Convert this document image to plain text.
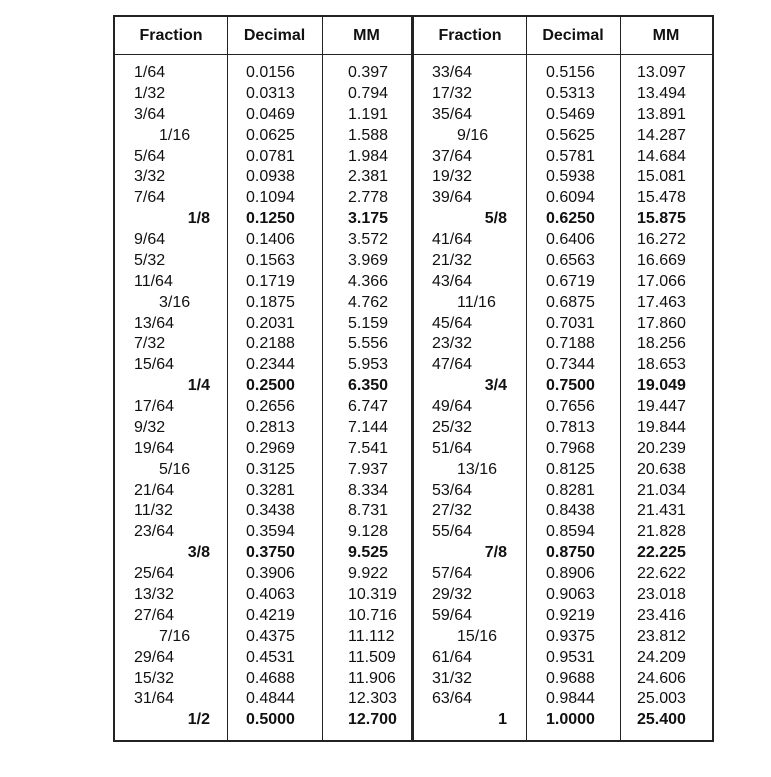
Fraction	Decimal	MM	Fraction	Decimal	MM
1/64	0.0156	0.397	33/64	0.5156	13.097
1/32	0.0313	0.794	17/32	0.5313	13.494
3/64	0.0469	1.191	35/64	0.5469	13.891
1/16	0.0625	1.588	9/16	0.5625	14.287
5/64	0.0781	1.984	37/64	0.5781	14.684
3/32	0.0938	2.381	19/32	0.5938	15.081
7/64	0.1094	2.778	39/64	0.6094	15.478
1/8 0.1250	3.175	5/8 0.6250	15.875
9/64	0.1406	3.572	41/64	0.6406	16.272
5/32	0.1563	3.969	21/32	0.6563	16.669
11/64	0.1719	4.366	43/64	0.6719	17.066
3/16	0.1875	4.762	11/16	0.6875	17.463
13/64	0.2031	5.159	45/64	0.7031	17.860
7/32	0.2188	5.556	23/32	0.7188	18.256
15/64	0.2344	5.953	47/64	0.7344	18.653
1/4 0.2500	6.350	3/4 0.7500	19.049
17/64	0.2656	6.747	49/64	0.7656	19.447
9/32	0.2813	7.144	25/32	0.7813	19.844
19/64	0.2969	7.541	51/64	0.7968	20.239
5/16	0.3125	7.937	13/16	0.8125	20.638
21/64	0.3281	8.334	53/64	0.8281	21.034
11/32	0.3438	8.731	27/32	0.8438	21.431
23/64	0.3594	9.128	55/64	0.8594	21.828
3/8 0.3750	9.525	7/8 0.8750	22.225
25/64	0.3906	9.922	57/64	0.8906	22.622
13/32	0.4063	10.319 29/32	0.9063	23.018
27/64	0.4219	10.716 59/64	0.9219	23.416
7/16	0.4375	11.112	15/16	0.9375	23.812
29/64	0.4531	11.509 61/64	0.9531	24.209
15/32	0.4688	11.906 31/32	0.9688	24.606
31/64	0.4844	12.303 63/64	0.9844	25.003
1/2 0.5000	12.700	1 1.0000	25.400
